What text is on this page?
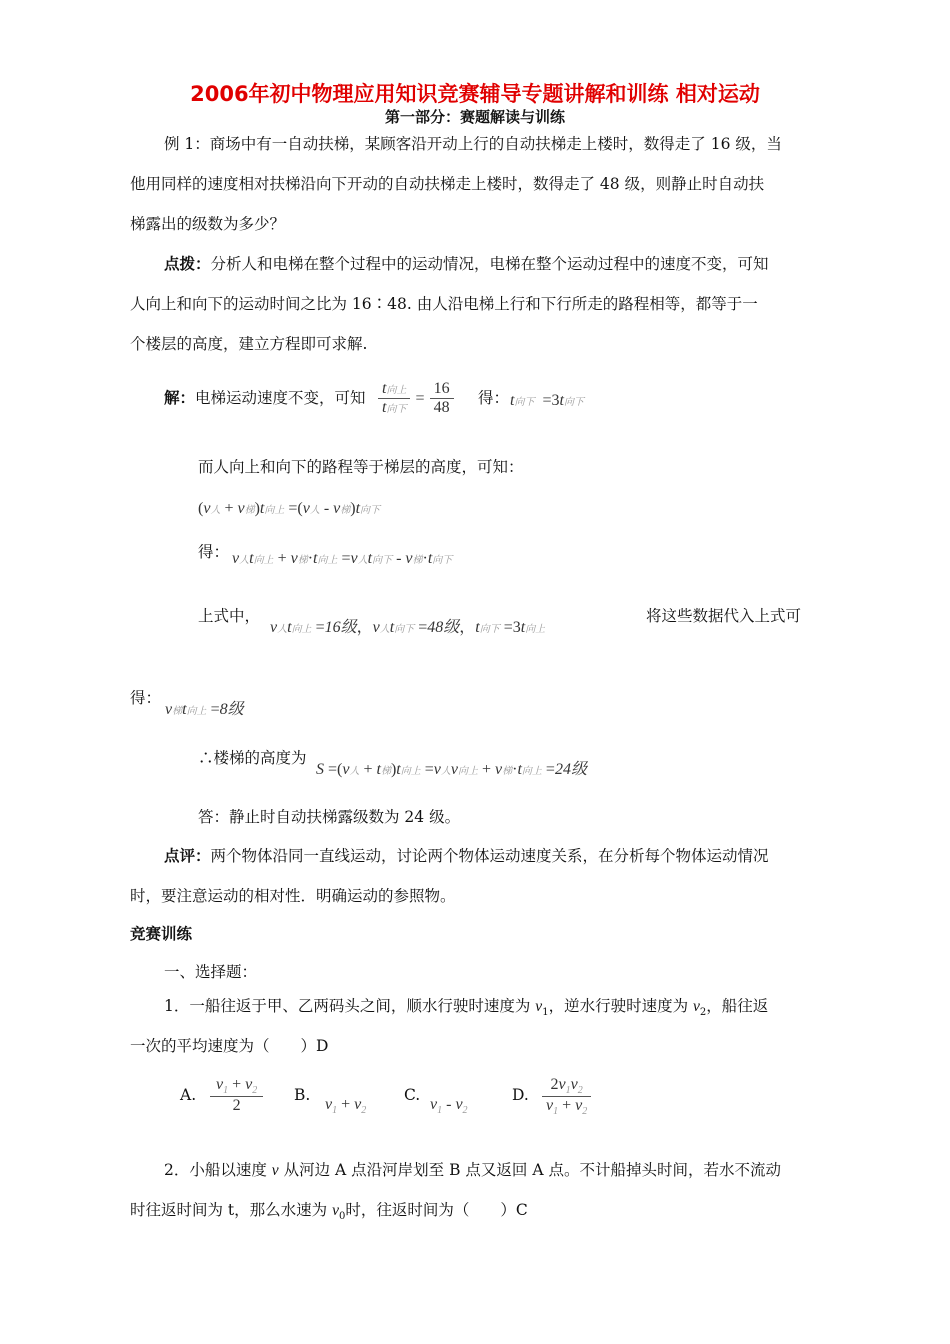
2006年初中物理应用知识竞赛辅导专题讲解和训练 相对运动
第一部分：赛题解读与训练
例 1：商场中有一自动扶梯，某顾客沿开动上行的自动扶梯走上楼时，数得走了 16 级，当
他用同样的速度相对扶梯沿向下开动的自动扶梯走上楼时，数得走了 48 级，则静止时自动扶
梯露出的级数为多少？
点拨：分析人和电梯在整个过程中的运动情况，电梯在整个运动过程中的速度不变，可知
人向上和向下的运动时间之比为 16∶48. 由人沿电梯上行和下行所走的路程相等，都等于一
个楼层的高度，建立方程即可求解.
解：电梯运动速度不变，可知 $\frac{\text{t向上}}{\text{t向下}} = \frac{16}{48}$ 得： t向下 =3t向下
而人向上和向下的路程等于梯层的高度，可知：
(v人 + v梯)t向上 =(v人 - v梯)t向下
得： v人t向上 + v梯·t向上 =v人t向下 - v梯·t向下
上式中，
v人t向上 =16级，v人t向下 =48级，t向下 =3t向上
将这些数据代入上式可
得：
v梯t向上 =8级
∴楼梯的高度为
S =(v人 + t梯)t向上 =v人v向上 + v梯·t向上 =24级
答：静止时自动扶梯露级数为 24 级。
点评：两个物体沿同一直线运动，讨论两个物体运动速度关系，在分析每个物体运动情况
时，要注意运动的相对性．明确运动的参照物。
竞赛训练
一、选择题：
1．一船往返于甲、乙两码头之间，顺水行驶时速度为 $v_1$，逆水行驶时速度为 $v_2$，船往返
一次的平均速度为（　　）D
A. $\frac{v_1 + v_2}{2} B$.
$v_1 + v_2$
C.
$v_1 - v_2$
D. $\frac{2v_1v_2}{v_1 + v_2}$
2．小船以速度 v 从河边 A 点沿河岸划至 B 点又返回 A 点。不计船掉头时间，若水不流动
时往返时间为 t，那么水速为 $v_0$时，往返时间为（　　）C
